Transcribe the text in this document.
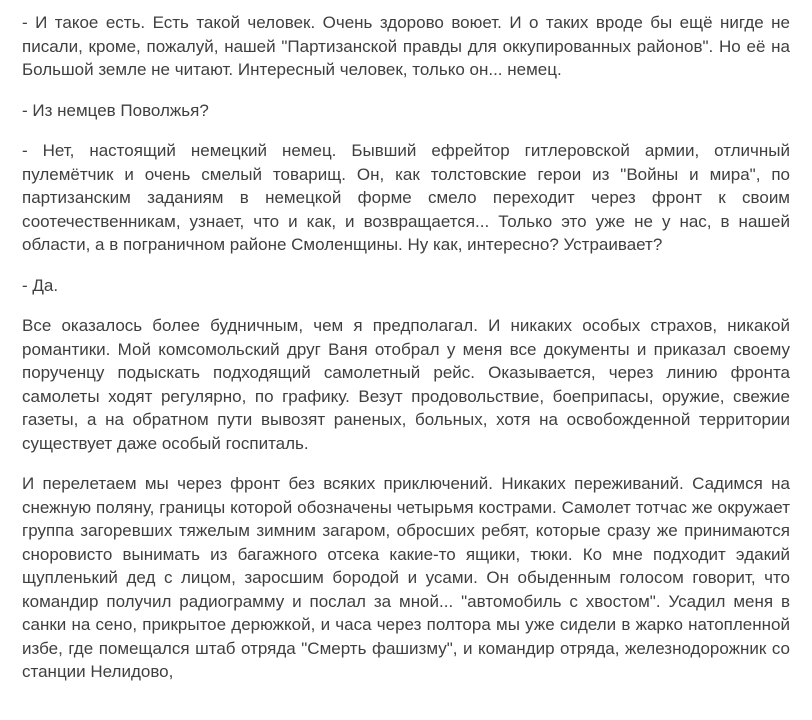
- И такое есть. Есть такой человек. Очень здорово воюет. И о таких вроде бы ещё нигде не писали, кроме, пожалуй, нашей "Партизанской правды для оккупированных районов". Но её на Большой земле не читают. Интересный человек, только он... немец.

- Из немцев Поволжья?

- Нет, настоящий немецкий немец. Бывший ефрейтор гитлеровской армии, отличный пулемётчик и очень смелый товарищ. Он, как толстовские герои из "Войны и мира", по партизанским заданиям в немецкой форме смело переходит через фронт к своим соотечественникам, узнает, что и как, и возвращается... Только это уже не у нас, в нашей области, а в пограничном районе Смоленщины. Ну как, интересно? Устраивает?

- Да.

Все оказалось более будничным, чем я предполагал. И никаких особых страхов, никакой романтики. Мой комсомольский друг Ваня отобрал у меня все документы и приказал своему порученцу подыскать подходящий самолетный рейс. Оказывается, через линию фронта самолеты ходят регулярно, по графику. Везут продовольствие, боеприпасы, оружие, свежие газеты, а на обратном пути вывозят раненых, больных, хотя на освобожденной территории существует даже особый госпиталь.

И перелетаем мы через фронт без всяких приключений. Никаких переживаний. Садимся на снежную поляну, границы которой обозначены четырьмя кострами. Самолет тотчас же окружает группа загоревших тяжелым зимним загаром, обросших ребят, которые сразу же принимаются сноровисто вынимать из багажного отсека какие-то ящики, тюки. Ко мне подходит эдакий щупленький дед с лицом, заросшим бородой и усами. Он обыденным голосом говорит, что командир получил радиограмму и послал за мной... "автомобиль с хвостом". Усадил меня в санки на сено, прикрытое дерюжкой, и часа через полтора мы уже сидели в жарко натопленной избе, где помещался штаб отряда "Смерть фашизму", и командир отряда, железнодорожник со станции Нелидово,
